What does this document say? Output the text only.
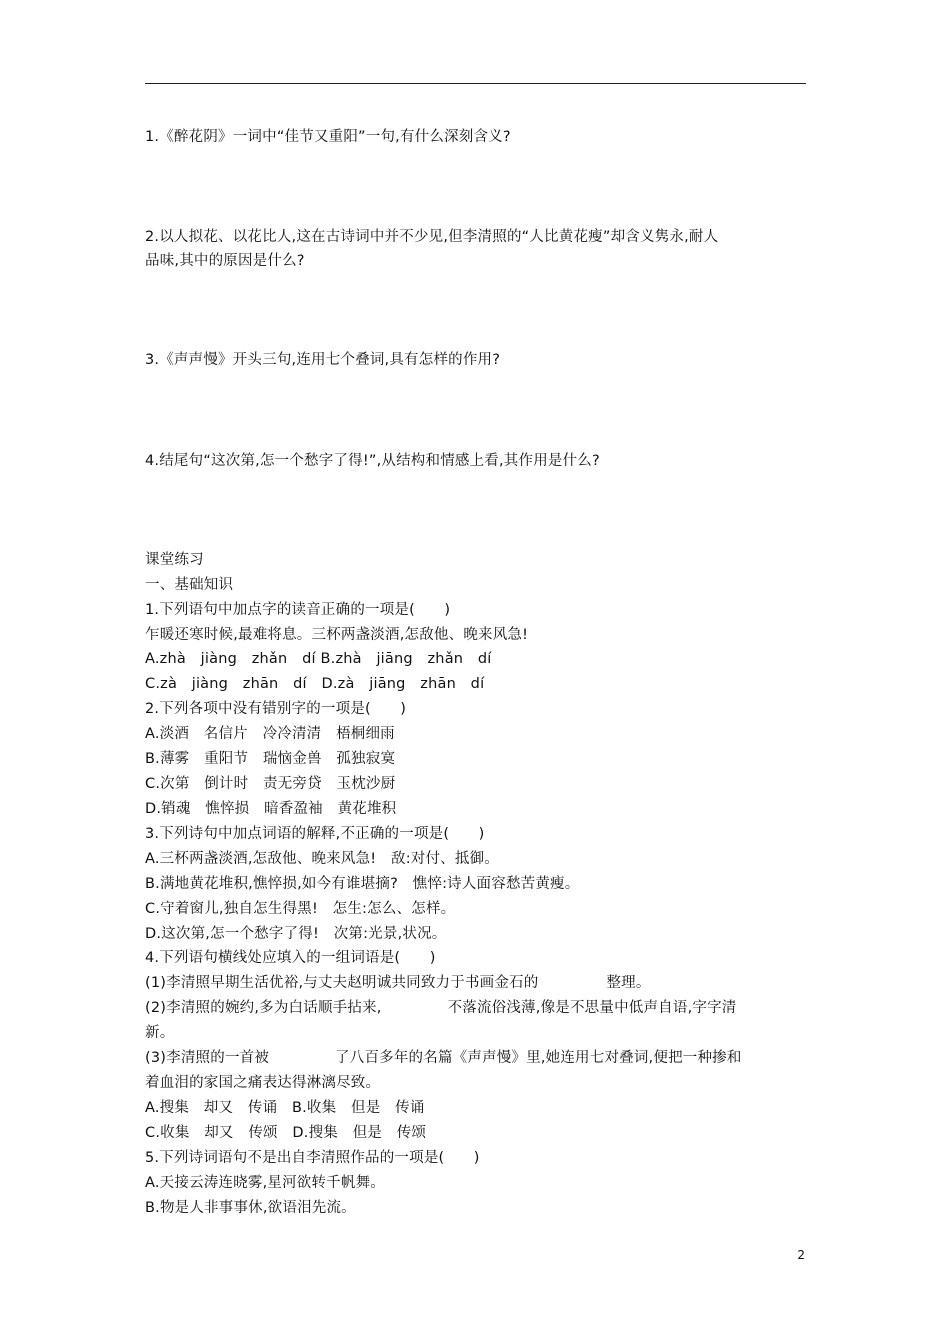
1.《醉花阴》一词中“佳节又重阳”一句,有什么深刻含义?
2.以人拟花、以花比人,这在古诗词中并不少见,但李清照的“人比黄花瘦”却含义隽永,耐人
品味,其中的原因是什么?
3.《声声慢》开头三句,连用七个叠词,具有怎样的作用?
4.结尾句“这次第,怎一个愁字了得!”,从结构和情感上看,其作用是什么?
课堂练习
一、基础知识
1.下列语句中加点字的读音正确的一项是(　　)
乍暖还寒时候,最难将息。三杯两盏淡酒,怎敌他、晚来风急!
A.zhà　jiàng　zhǎn　dí B.zhà　jiāng　zhǎn　dí
C.zà　jiàng　zhān　dí　D.zà　jiāng　zhān　dí
2.下列各项中没有错别字的一项是(　　)
A.淡酒　名信片　冷冷清清　梧桐细雨
B.薄雾　重阳节　瑞恼金兽　孤独寂寞
C.次第　倒计时　责无旁贷　玉枕沙厨
D.销魂　憔悴损　暗香盈袖　黄花堆积
3.下列诗句中加点词语的解释,不正确的一项是(　　)
A.三杯两盏淡酒,怎敌他、晚来风急!　敌:对付、抵御。
B.满地黄花堆积,憔悴损,如今有谁堪摘?　憔悴:诗人面容愁苦黄瘦。
C.守着窗儿,独自怎生得黑!　怎生:怎么、怎样。
D.这次第,怎一个愁字了得!　次第:光景,状况。
4.下列语句横线处应填入的一组词语是(　　)
(1)李清照早期生活优裕,与丈夫赵明诚共同致力于书画金石的	整理。
(2)李清照的婉约,多为白话顺手拈来,	不落流俗浅薄,像是不思量中低声自语,字字清
新。
(3)李清照的一首被	了八百多年的名篇《声声慢》里,她连用七对叠词,便把一种掺和
着血泪的家国之痛表达得淋漓尽致。
A.搜集　却又　传诵　B.收集　但是　传诵
C.收集　却又　传颂　D.搜集　但是　传颂
5.下列诗词语句不是出自李清照作品的一项是(　　)
A.天接云涛连晓雾,星河欲转千帆舞。
B.物是人非事事休,欲语泪先流。
2
